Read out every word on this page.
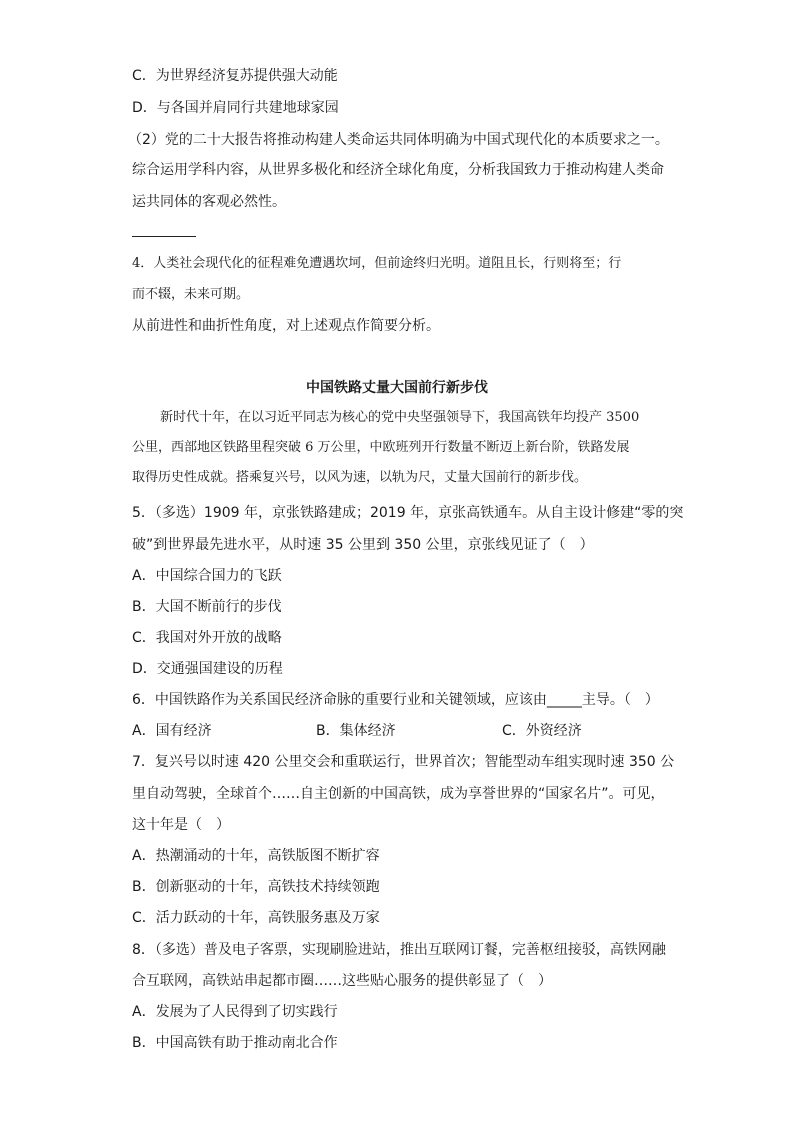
C．为世界经济复苏提供强大动能
D．与各国并肩同行共建地球家园
（2）党的二十大报告将推动构建人类命运共同体明确为中国式现代化的本质要求之一。
综合运用学科内容，从世界多极化和经济全球化角度，分析我国致力于推动构建人类命
运共同体的客观必然性。
4．人类社会现代化的征程难免遭遇坎坷，但前途终归光明。道阻且长，行则将至；行
而不辍，未来可期。
从前进性和曲折性角度，对上述观点作简要分析。
中国铁路丈量大国前行新步伐
新时代十年，在以习近平同志为核心的党中央坚强领导下，我国高铁年均投产 3500
公里，西部地区铁路里程突破 6 万公里，中欧班列开行数量不断迈上新台阶，铁路发展
取得历史性成就。搭乘复兴号，以风为速，以轨为尺，丈量大国前行的新步伐。
5．（多选）1909 年，京张铁路建成；2019 年，京张高铁通车。从自主设计修建“零的突
破”到世界最先进水平，从时速 35 公里到 350 公里，京张线见证了（　）
A．中国综合国力的飞跃
B．大国不断前行的步伐
C．我国对外开放的战略
D．交通强国建设的历程
6．中国铁路作为关系国民经济命脉的重要行业和关键领域，应该由_____主导。（　）
A．国有经济	B．集体经济	C．外资经济
7．复兴号以时速 420 公里交会和重联运行，世界首次；智能型动车组实现时速 350 公
里自动驾驶，全球首个……自主创新的中国高铁，成为享誉世界的“国家名片”。可见，
这十年是（　）
A．热潮涌动的十年，高铁版图不断扩容
B．创新驱动的十年，高铁技术持续领跑
C．活力跃动的十年，高铁服务惠及万家
8．（多选）普及电子客票，实现刷脸进站，推出互联网订餐，完善枢纽接驳，高铁网融
合互联网，高铁站串起都市圈……这些贴心服务的提供彰显了（　）
A．发展为了人民得到了切实践行
B．中国高铁有助于推动南北合作
